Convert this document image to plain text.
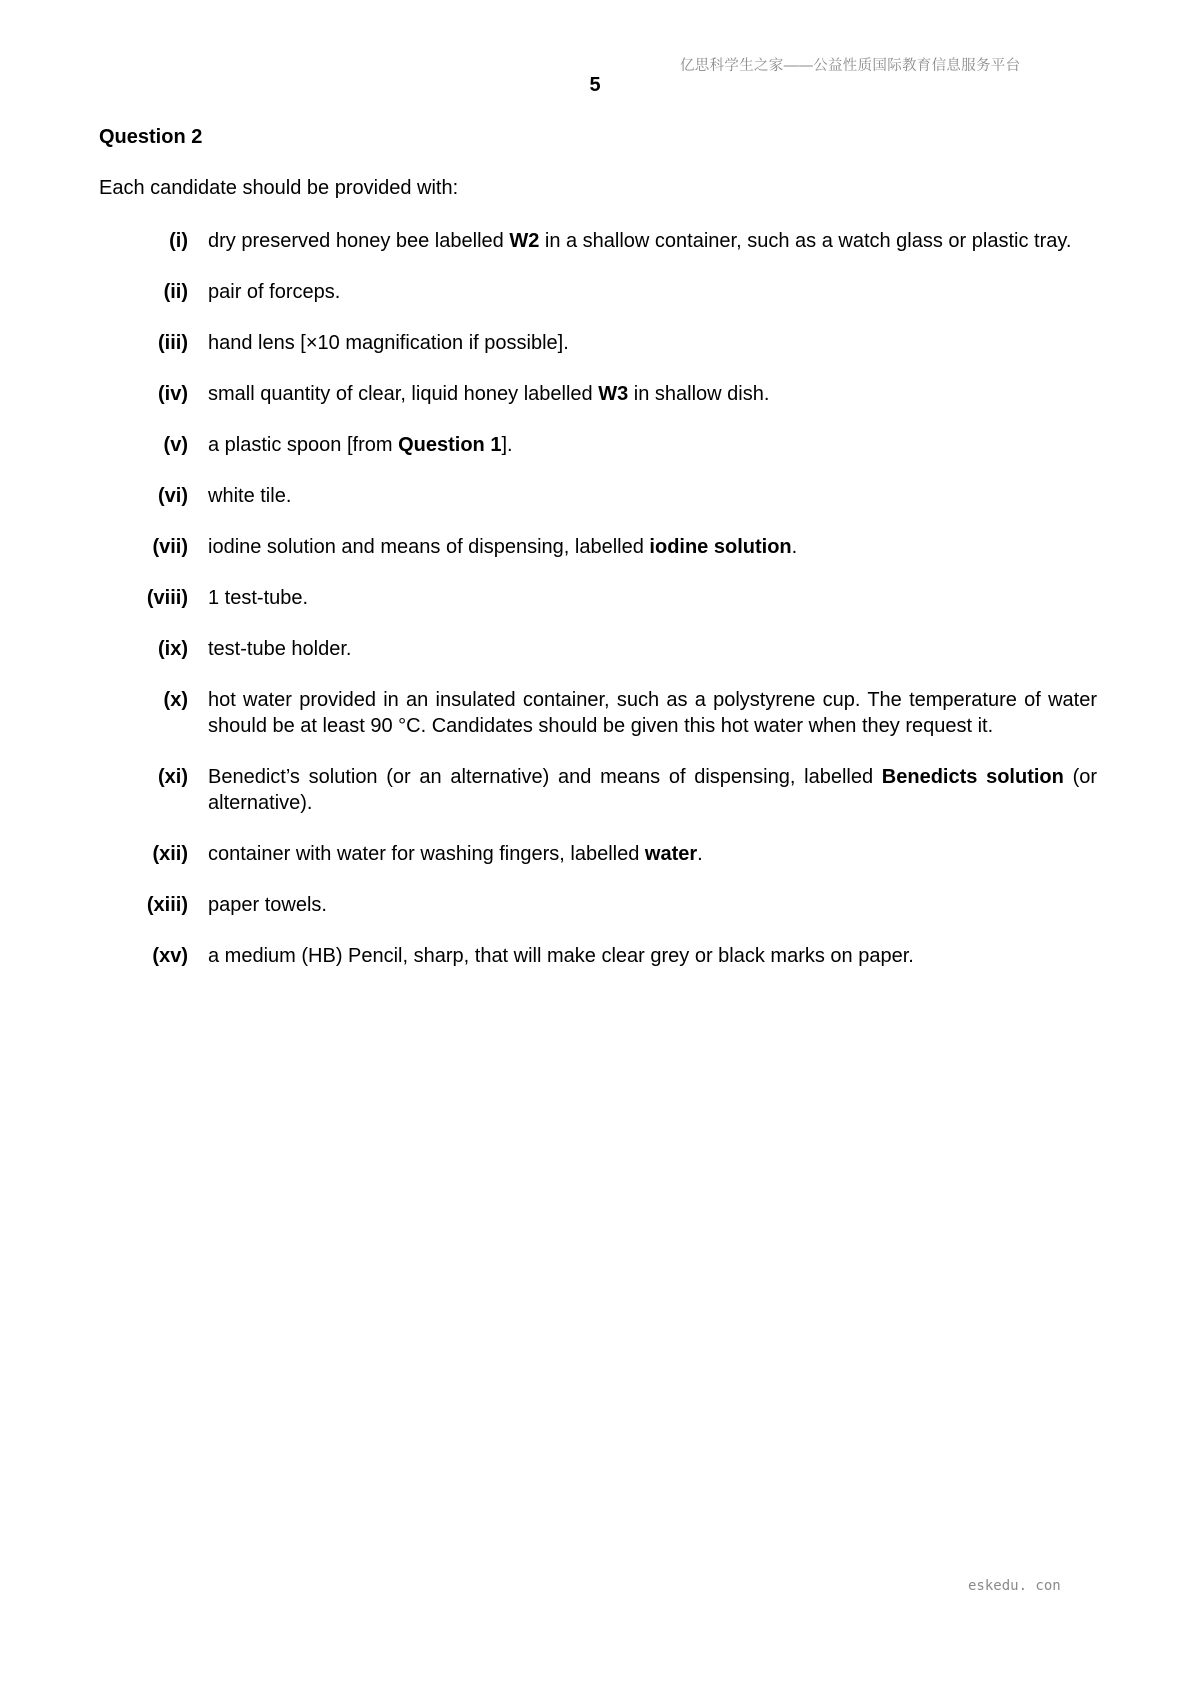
亿思科学生之家——公益性质国际教育信息服务平台
5
Question 2
Each candidate should be provided with:
(i)	dry preserved honey bee labelled W2 in a shallow container, such as a watch glass or plastic tray.
(ii)	pair of forceps.
(iii)	hand lens [×10 magnification if possible].
(iv)	small quantity of clear, liquid honey labelled W3 in shallow dish.
(v)	a plastic spoon [from Question 1].
(vi)	white tile.
(vii)	iodine solution and means of dispensing, labelled iodine solution.
(viii)	1 test-tube.
(ix)	test-tube holder.
(x)	hot water provided in an insulated container, such as a polystyrene cup. The temperature of water should be at least 90 °C. Candidates should be given this hot water when they request it.
(xi)	Benedict’s solution (or an alternative) and means of dispensing, labelled Benedicts solution (or alternative).
(xii)	container with water for washing fingers, labelled water.
(xiii)	paper towels.
(xv)	a medium (HB) Pencil, sharp, that will make clear grey or black marks on paper.
eskedu. con
